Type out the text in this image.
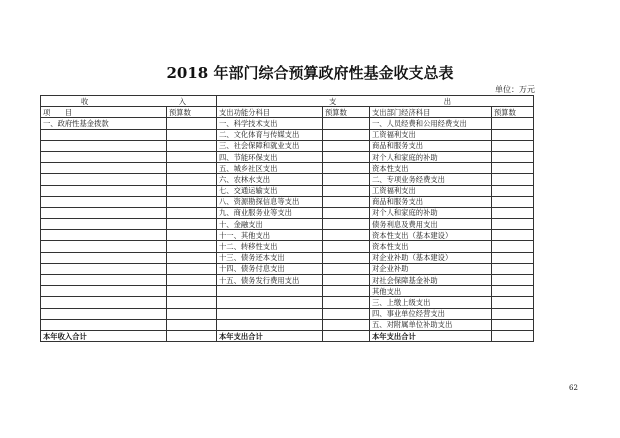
2018 年部门综合预算政府性基金收支总表
单位：万元
收 入		支 出			

项　　目	预算数	支出功能分科目	预算数	支出部门经济科目	预算数
一、政府性基金拨款		一、科学技术支出		一、人员经费和公用经费支出	
		二、文化体育与传媒支出		工资福利支出	
		三、社会保障和就业支出		商品和服务支出	
		四、节能环保支出		对个人和家庭的补助	
		五、城乡社区支出		资本性支出	
		六、农林水支出		二、专项业务经费支出	
		七、交通运输支出		工资福利支出	
		八、资源勘探信息等支出		商品和服务支出	
		九、商业服务业等支出		对个人和家庭的补助	
		十、金融支出		债务利息及费用支出	
		十一、其他支出		资本性支出（基本建设）	
		十二、转移性支出		资本性支出	
		十三、债务还本支出		对企业补助（基本建设）	
		十四、债务付息支出		对企业补助	
		十五、债务发行费用支出		对社会保障基金补助	
				其他支出	
				三、上缴上级支出	
				四、事业单位经营支出	
				五、对附属单位补助支出	
本年收入合计		本年支出合计		本年支出合计	
62
